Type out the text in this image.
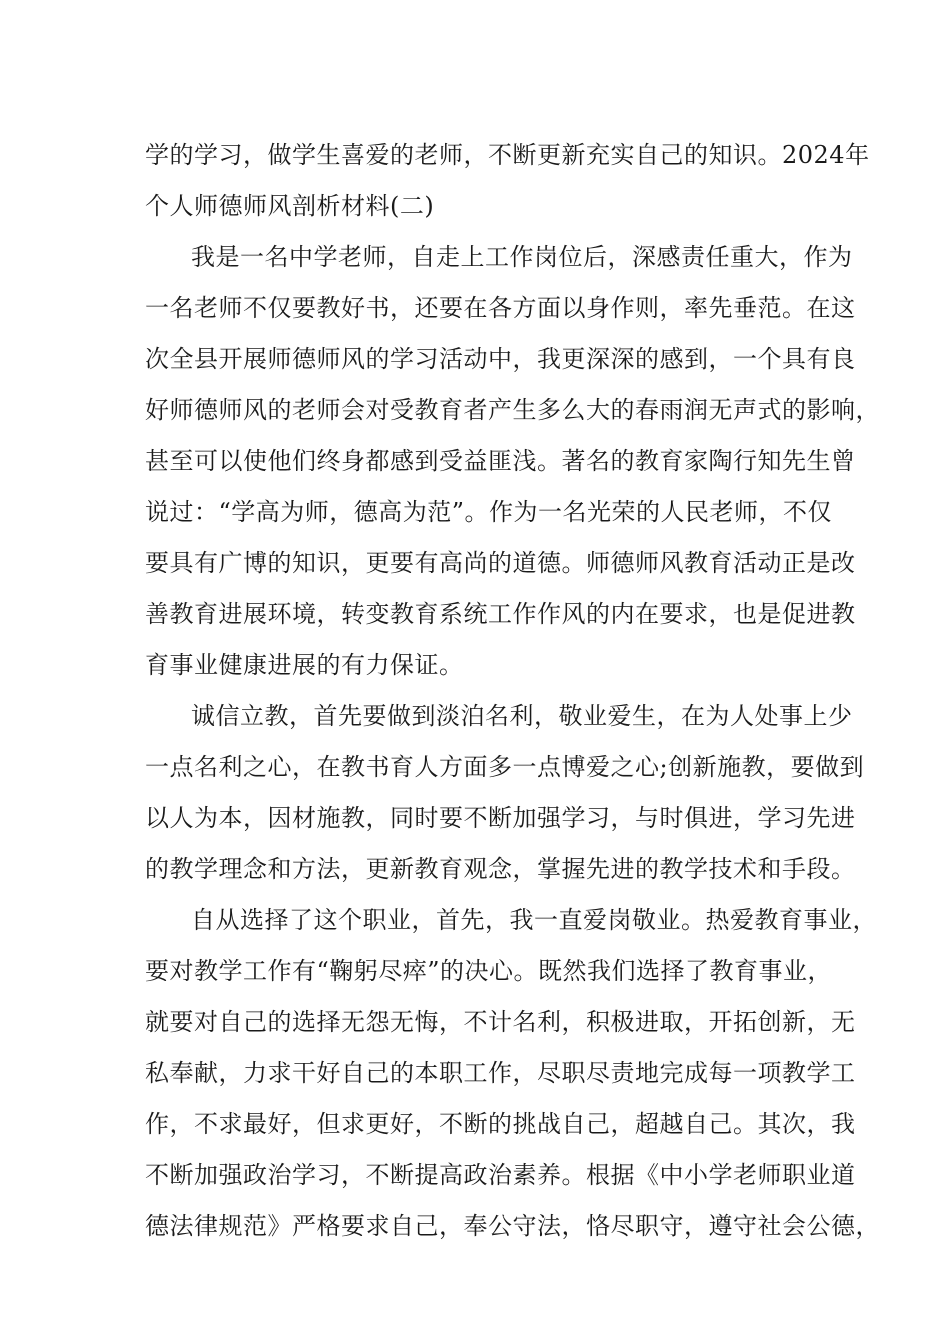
学的学习，做学生喜爱的老师，不断更新充实自己的知识。2024年
个人师德师风剖析材料(二)
我是一名中学老师，自走上工作岗位后，深感责任重大，作为
一名老师不仅要教好书，还要在各方面以身作则，率先垂范。在这
次全县开展师德师风的学习活动中，我更深深的感到，一个具有良
好师德师风的老师会对受教育者产生多么大的春雨润无声式的影响，
甚至可以使他们终身都感到受益匪浅。著名的教育家陶行知先生曾
说过：“学高为师，德高为范”。作为一名光荣的人民老师，不仅
要具有广博的知识，更要有高尚的道德。师德师风教育活动正是改
善教育进展环境，转变教育系统工作作风的内在要求，也是促进教
育事业健康进展的有力保证。
诚信立教，首先要做到淡泊名利，敬业爱生，在为人处事上少
一点名利之心，在教书育人方面多一点博爱之心;创新施教，要做到
以人为本，因材施教，同时要不断加强学习，与时俱进，学习先进
的教学理念和方法，更新教育观念，掌握先进的教学技术和手段。
自从选择了这个职业，首先，我一直爱岗敬业。热爱教育事业，
要对教学工作有“鞠躬尽瘁”的决心。既然我们选择了教育事业，
就要对自己的选择无怨无悔，不计名利，积极进取，开拓创新，无
私奉献，力求干好自己的本职工作，尽职尽责地完成每一项教学工
作，不求最好，但求更好，不断的挑战自己，超越自己。其次，我
不断加强政治学习，不断提高政治素养。根据《中小学老师职业道
德法律规范》严格要求自己，奉公守法，恪尽职守，遵守社会公德，
